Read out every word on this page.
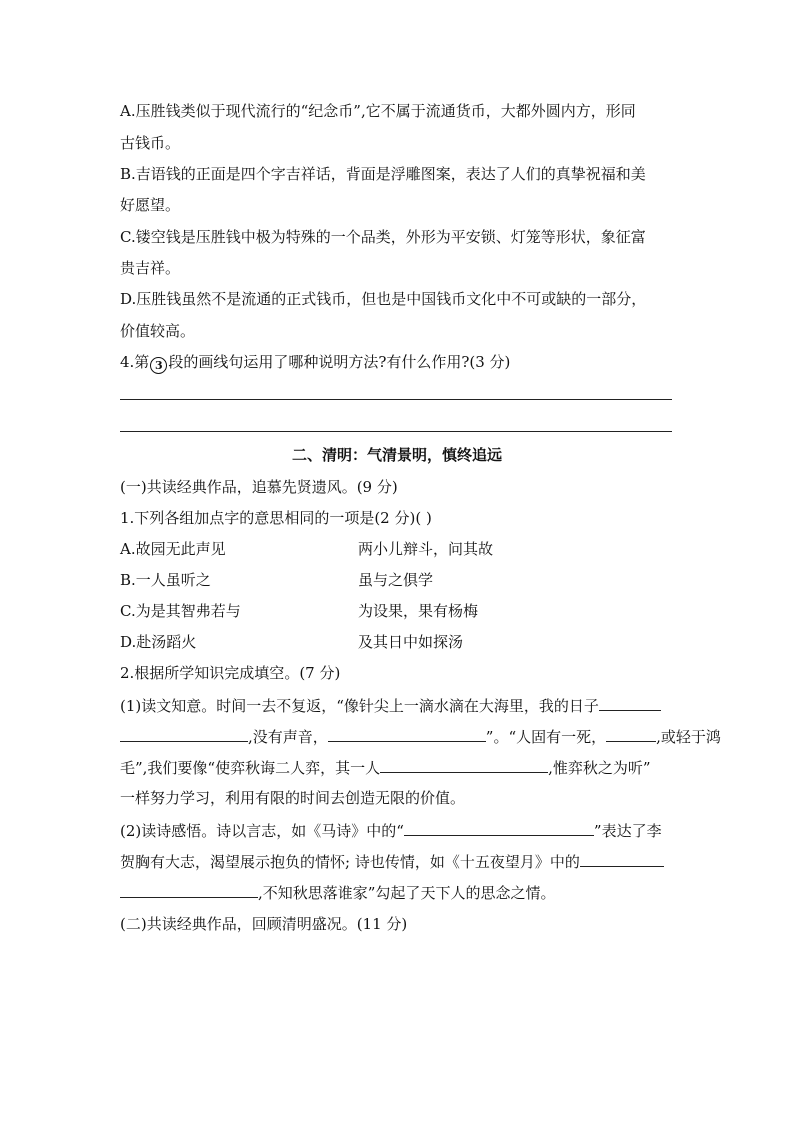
A.压胜钱类似于现代流行的“纪念币”,它不属于流通货币，大都外圆内方，形同
古钱币。
B.吉语钱的正面是四个字吉祥话，背面是浮雕图案，表达了人们的真挚祝福和美
好愿望。
C.镂空钱是压胜钱中极为特殊的一个品类，外形为平安锁、灯笼等形状，象征富
贵吉祥。
D.压胜钱虽然不是流通的正式钱币，但也是中国钱币文化中不可或缺的一部分，
价值较高。
4.第 3 段的画线句运用了哪种说明方法?有什么作用?(3 分)
二、清明：气清景明，慎终追远
(一)共读经典作品，追慕先贤遗风。(9 分)
1.下列各组加点字的意思相同的一项是(2 分)( )
A.故园无此声见	两小儿辩斗，问其故
B.一人虽听之	虽与之俱学
C.为是其智弗若与	为设果，果有杨梅
D.赴汤蹈火	及其日中如探汤
2.根据所学知识完成填空。(7 分)
(1)读文知意。时间一去不复返，“像针尖上一滴水滴在大海里，我的日子
,没有声音，	”。“人固有一死，	,或轻于鸿
毛”,我们要像“使弈秋诲二人弈，其一人	,惟弈秋之为听”
一样努力学习，利用有限的时间去创造无限的价值。
(2)读诗感悟。诗以言志，如《马诗》中的“	”表达了李
贺胸有大志，渴望展示抱负的情怀; 诗也传情，如《十五夜望月》中的
,不知秋思落谁家”勾起了天下人的思念之情。
(二)共读经典作品，回顾清明盛况。(11 分)
